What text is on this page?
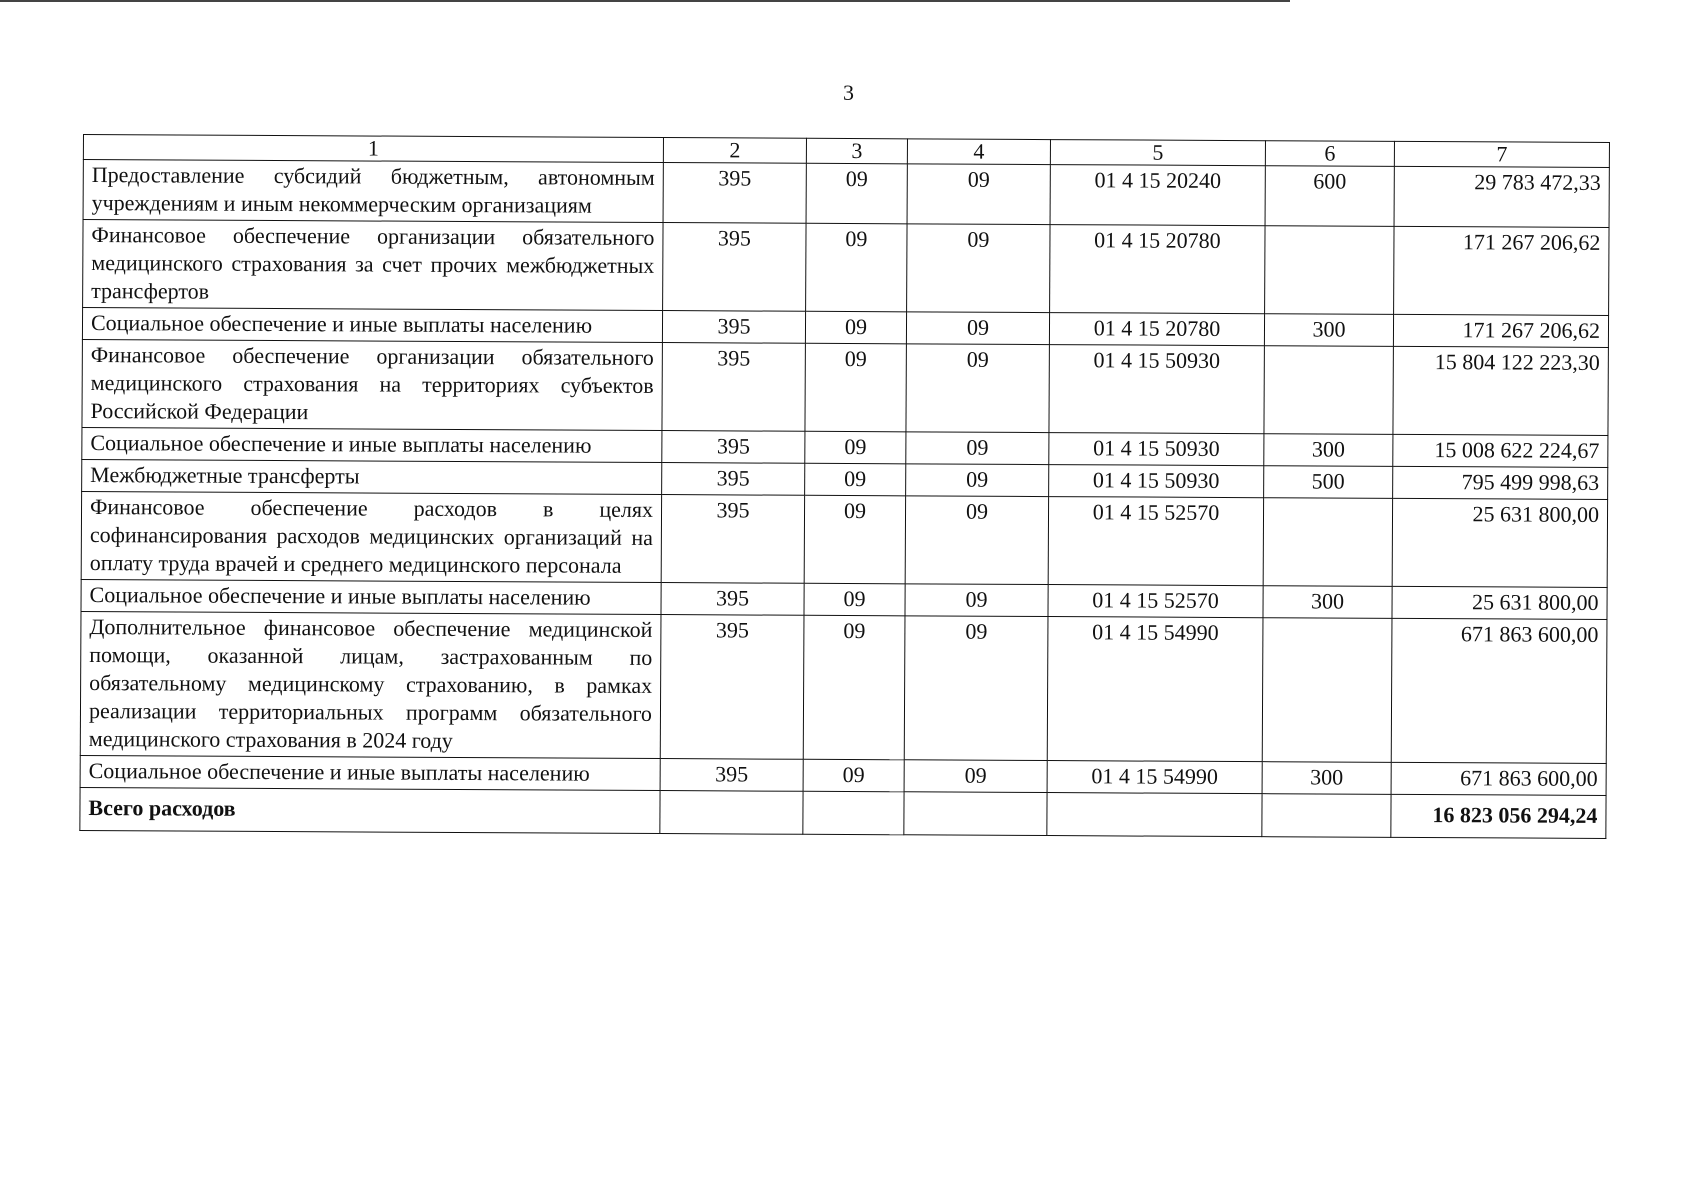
3
1	2	3	4	5	6	7
Предоставление субсидий бюджетным, автономным учреждениям и иным некоммерческим организациям	395	09	09	01 4 15 20240	600	29 783 472,33
Финансовое обеспечение организации обязательного медицинского страхования за счет прочих межбюджетных трансфертов	395	09	09	01 4 15 20780		171 267 206,62
Социальное обеспечение и иные выплаты населению	395	09	09	01 4 15 20780	300	171 267 206,62
Финансовое обеспечение организации обязательного медицинского страхования на территориях субъектов Российской Федерации	395	09	09	01 4 15 50930		15 804 122 223,30
Социальное обеспечение и иные выплаты населению	395	09	09	01 4 15 50930	300	15 008 622 224,67
Межбюджетные трансферты	395	09	09	01 4 15 50930	500	795 499 998,63
Финансовое обеспечение расходов в целях софинансирования расходов медицинских организаций на оплату труда врачей и среднего медицинского персонала	395	09	09	01 4 15 52570		25 631 800,00
Социальное обеспечение и иные выплаты населению	395	09	09	01 4 15 52570	300	25 631 800,00
Дополнительное финансовое обеспечение медицинской помощи, оказанной лицам, застрахованным по обязательному медицинскому страхованию, в рамках реализации территориальных программ обязательного медицинского страхования в 2024 году	395	09	09	01 4 15 54990		671 863 600,00
Социальное обеспечение и иные выплаты населению	395	09	09	01 4 15 54990	300	671 863 600,00
Всего расходов						16 823 056 294,24
